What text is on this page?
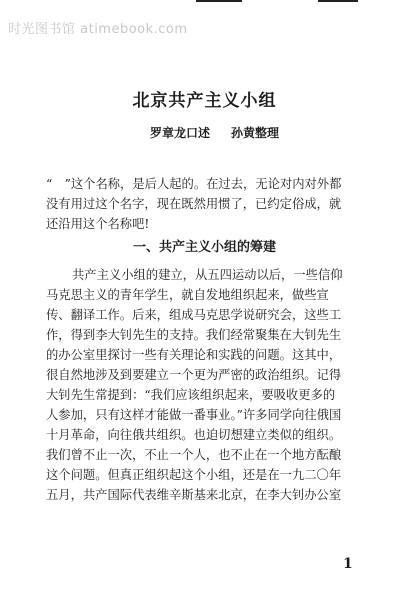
时光图书馆 atimebook.com
北京共产主义小组
罗章龙口述 孙黄整理
“　”这个名称，是后人起的。在过去，无论对内对外都
没有用过这个名字，现在既然用惯了，已约定俗成，就
还沿用这个名称吧!
一、共产主义小组的筹建
共产主义小组的建立，从五四运动以后，一些信仰
马克思主义的青年学生，就自发地组织起来，做些宣
传、翻译工作。后来，组成马克思学说研究会，这些工
作，得到李大钊先生的支持。我们经常聚集在大钊先生
的办公室里探讨一些有关理论和实践的问题。这其中，
很自然地涉及到要建立一个更为严密的政治组织。记得
大钊先生常提到：“我们应该组织起来，要吸收更多的
人参加，只有这样才能做一番事业。”许多同学向往俄国
十月革命，向往俄共组织。也迫切想建立类似的组织。
我们曾不止一次，不止一个人，也不止在一个地方酝酿
这个问题。但真正组织起这个小组，还是在一九二〇年
五月，共产国际代表维辛斯基来北京，在李大钊办公室
1
